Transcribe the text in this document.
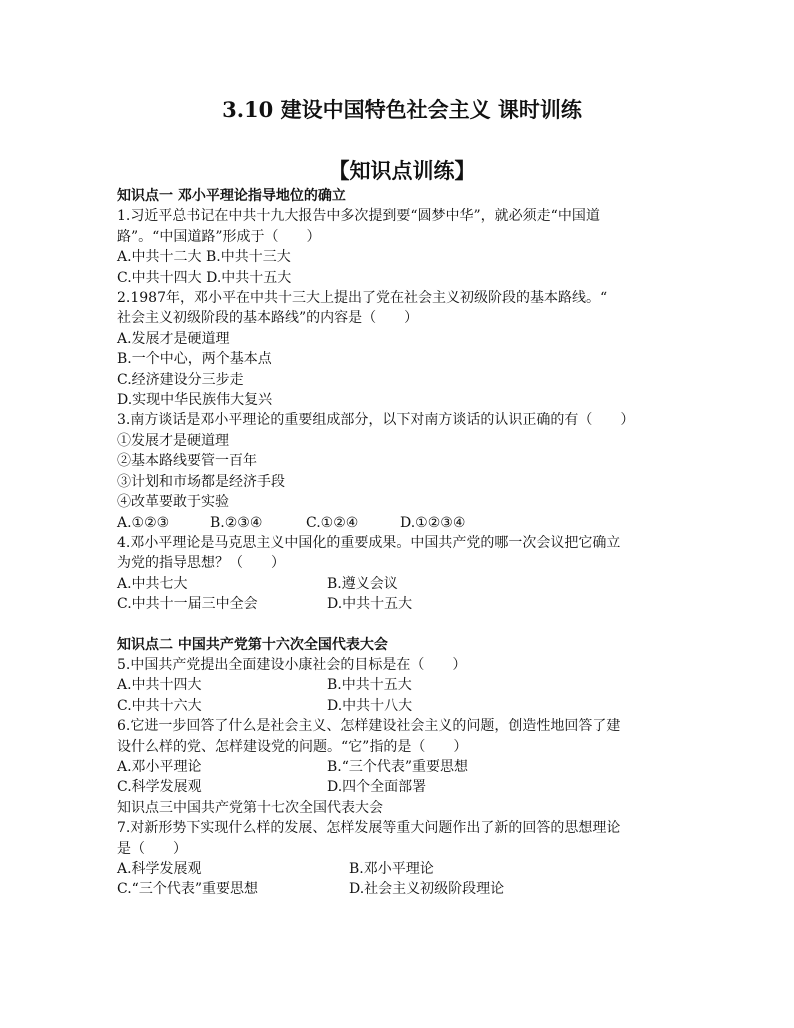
3.10 建设中国特色社会主义 课时训练
【知识点训练】
知识点一 邓小平理论指导地位的确立
1.习近平总书记在中共十九大报告中多次提到要“圆梦中华”，就必须走“中国道
路”。“中国道路”形成于（　　）
A.中共十二大 B.中共十三大
C.中共十四大 D.中共十五大
2.1987年，邓小平在中共十三大上提出了党在社会主义初级阶段的基本路线。“
社会主义初级阶段的基本路线”的内容是（　　）
A.发展才是硬道理
B.一个中心，两个基本点
C.经济建设分三步走
D.实现中华民族伟大复兴
3.南方谈话是邓小平理论的重要组成部分，以下对南方谈话的认识正确的有（　　）
①发展才是硬道理
②基本路线要管一百年
③计划和市场都是经济手段
④改革要敢于实验
A.①②③	B.②③④	C.①②④	D.①②③④
4.邓小平理论是马克思主义中国化的重要成果。中国共产党的哪一次会议把它确立
为党的指导思想？（　　）
A.中共七大	B.遵义会议
C.中共十一届三中全会	D.中共十五大
知识点二 中国共产党第十六次全国代表大会
5.中国共产党提出全面建设小康社会的目标是在（　　）
A.中共十四大	B.中共十五大
C.中共十六大	D.中共十八大
6.它进一步回答了什么是社会主义、怎样建设社会主义的问题，创造性地回答了建
设什么样的党、怎样建设党的问题。“它”指的是（　　）
A.邓小平理论	B.“三个代表”重要思想
C.科学发展观	D.四个全面部署
知识点三中国共产党第十七次全国代表大会
7.对新形势下实现什么样的发展、怎样发展等重大问题作出了新的回答的思想理论
是（　　）
A.科学发展观	B.邓小平理论
C.“三个代表”重要思想	D.社会主义初级阶段理论
